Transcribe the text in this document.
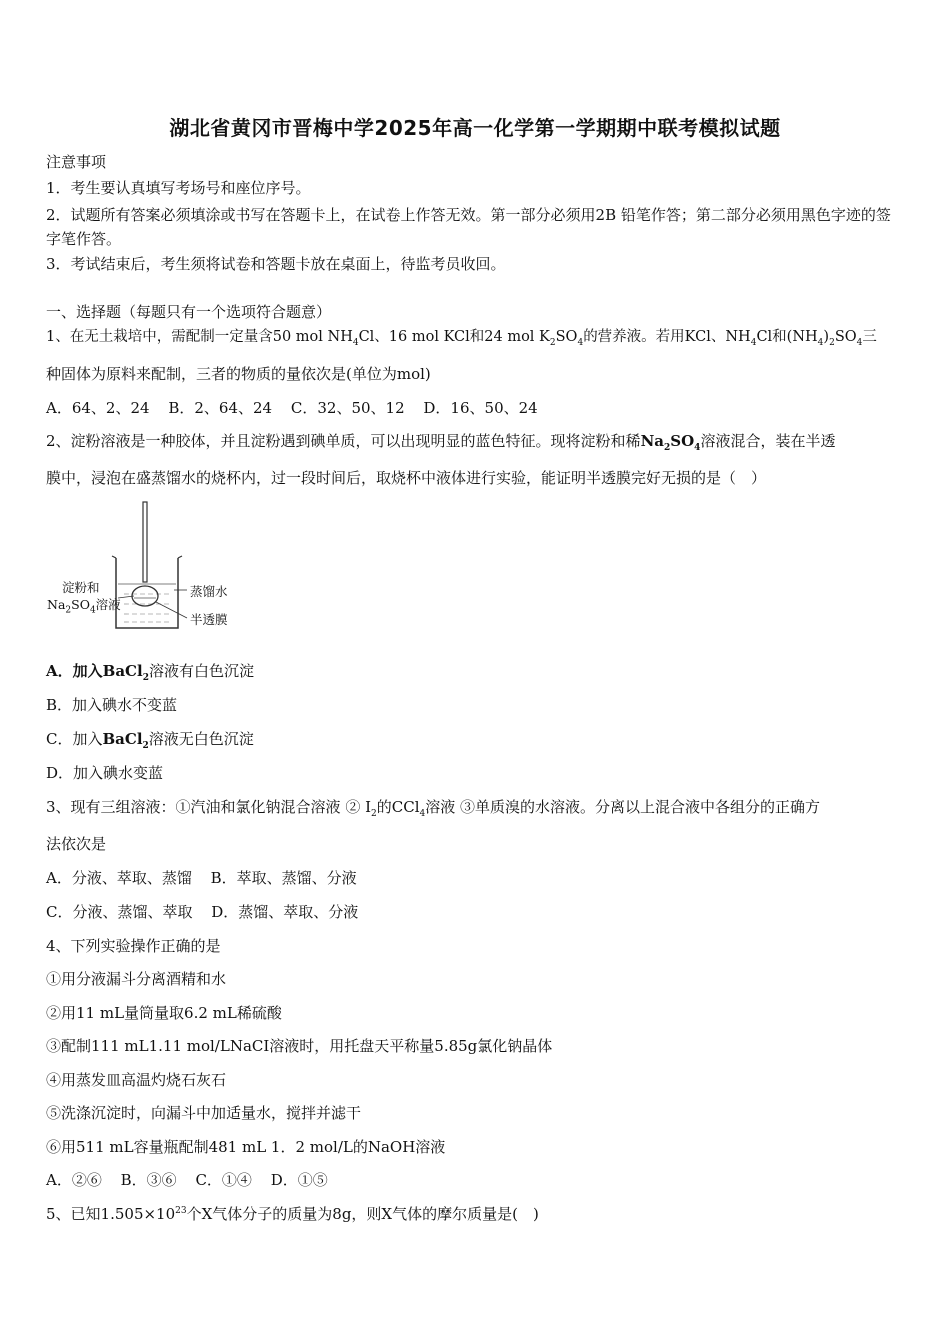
湖北省黄冈市晋梅中学2025年高一化学第一学期期中联考模拟试题
注意事项
1．考生要认真填写考场号和座位序号。
2．试题所有答案必须填涂或书写在答题卡上，在试卷上作答无效。第一部分必须用2B 铅笔作答；第二部分必须用黑色字迹的签字笔作答。
3．考试结束后，考生须将试卷和答题卡放在桌面上，待监考员收回。
一、选择题（每题只有一个选项符合题意）
1、在无土栽培中，需配制一定量含50 mol $NH_4Cl$、16 mol KCl和24 mol $K_2SO_4$的营养液。若用KCl、$NH_4Cl$和$(NH_4)_2SO_4$三
种固体为原料来配制，三者的物质的量依次是(单位为mol)
A．64、2、24 B．2、64、24 C．32、50、12 D．16、50、24
2、淀粉溶液是一种胶体，并且淀粉遇到碘单质，可以出现明显的蓝色特征。现将淀粉和稀$Na_2SO_4$溶液混合，装在半透
膜中，浸泡在盛蒸馏水的烧杯内，过一段时间后，取烧杯中液体进行实验，能证明半透膜完好无损的是（　）
淀粉和
$Na_2SO_4$溶液
蒸馏水
半透膜
A．加入BaCl$_2$溶液有白色沉淀
B．加入碘水不变蓝
C．加入BaCl$_2$溶液无白色沉淀
D．加入碘水变蓝
3、现有三组溶液：①汽油和氯化钠混合溶液 ② $I_2$的CCl$_4$溶液 ③单质溴的水溶液。分离以上混合液中各组分的正确方
法依次是
A．分液、萃取、蒸馏 B．萃取、蒸馏、分液
C．分液、蒸馏、萃取 D．蒸馏、萃取、分液
4、下列实验操作正确的是
①用分液漏斗分离酒精和水
②用11 mL量筒量取6.2 mL稀硫酸
③配制111 mL1.11 mol/LNaCI溶液时，用托盘天平称量5.85g氯化钠晶体
④用蒸发皿高温灼烧石灰石
⑤洗涤沉淀时，向漏斗中加适量水，搅拌并滤干
⑥用511 mL容量瓶配制481 mL 1．2 mol/L的NaOH溶液
A．②⑥ B．③⑥ C．①④ D．①⑤
5、已知$1.505\times 10^{23}$个X气体分子的质量为8g，则X气体的摩尔质量是(　)
